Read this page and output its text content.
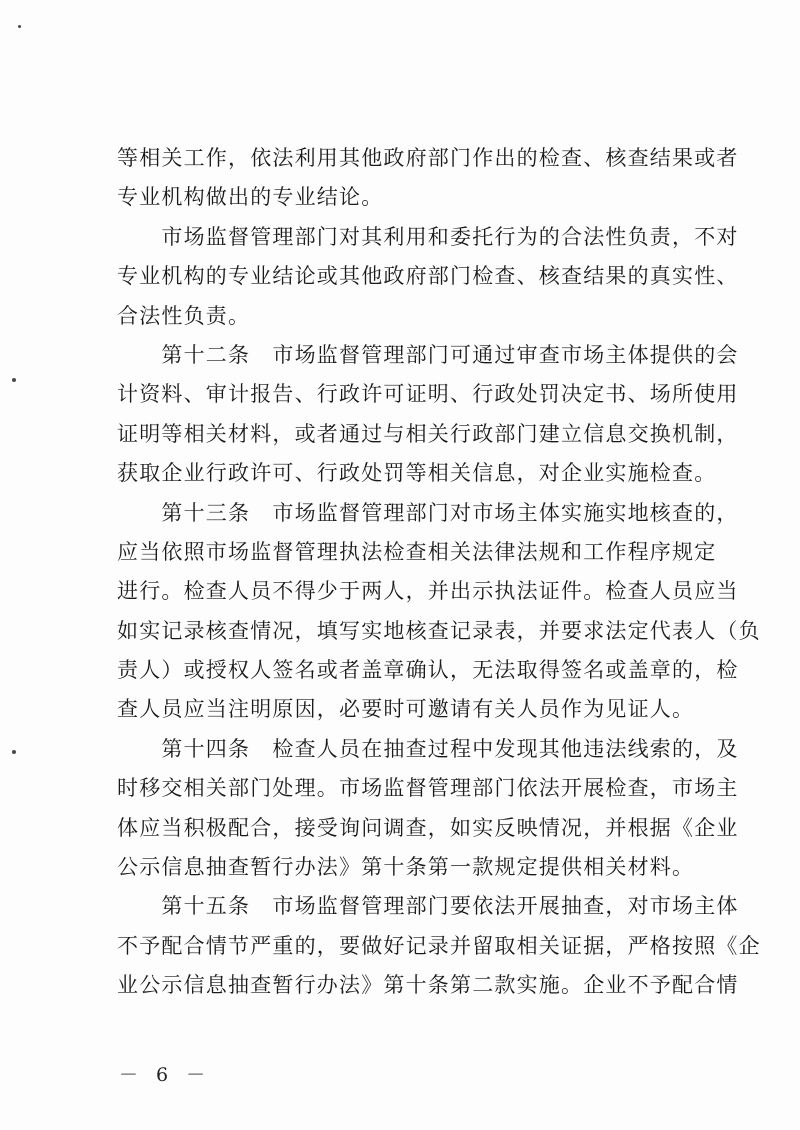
等相关工作，依法利用其他政府部门作出的检查、核查结果或者
专业机构做出的专业结论。
　　市场监督管理部门对其利用和委托行为的合法性负责，不对
专业机构的专业结论或其他政府部门检查、核查结果的真实性、
合法性负责。
　　第十二条　市场监督管理部门可通过审查市场主体提供的会
计资料、审计报告、行政许可证明、行政处罚决定书、场所使用
证明等相关材料，或者通过与相关行政部门建立信息交换机制，
获取企业行政许可、行政处罚等相关信息，对企业实施检查。
　　第十三条　市场监督管理部门对市场主体实施实地核查的，
应当依照市场监督管理执法检查相关法律法规和工作程序规定
进行。检查人员不得少于两人，并出示执法证件。检查人员应当
如实记录核查情况，填写实地核查记录表，并要求法定代表人（负
责人）或授权人签名或者盖章确认，无法取得签名或盖章的，检
查人员应当注明原因，必要时可邀请有关人员作为见证人。
　　第十四条　检查人员在抽查过程中发现其他违法线索的，及
时移交相关部门处理。市场监督管理部门依法开展检查，市场主
体应当积极配合，接受询问调查，如实反映情况，并根据《企业
公示信息抽查暂行办法》第十条第一款规定提供相关材料。
　　第十五条　市场监督管理部门要依法开展抽查，对市场主体
不予配合情节严重的，要做好记录并留取相关证据，严格按照《企
业公示信息抽查暂行办法》第十条第二款实施。企业不予配合情
－ 6 －
